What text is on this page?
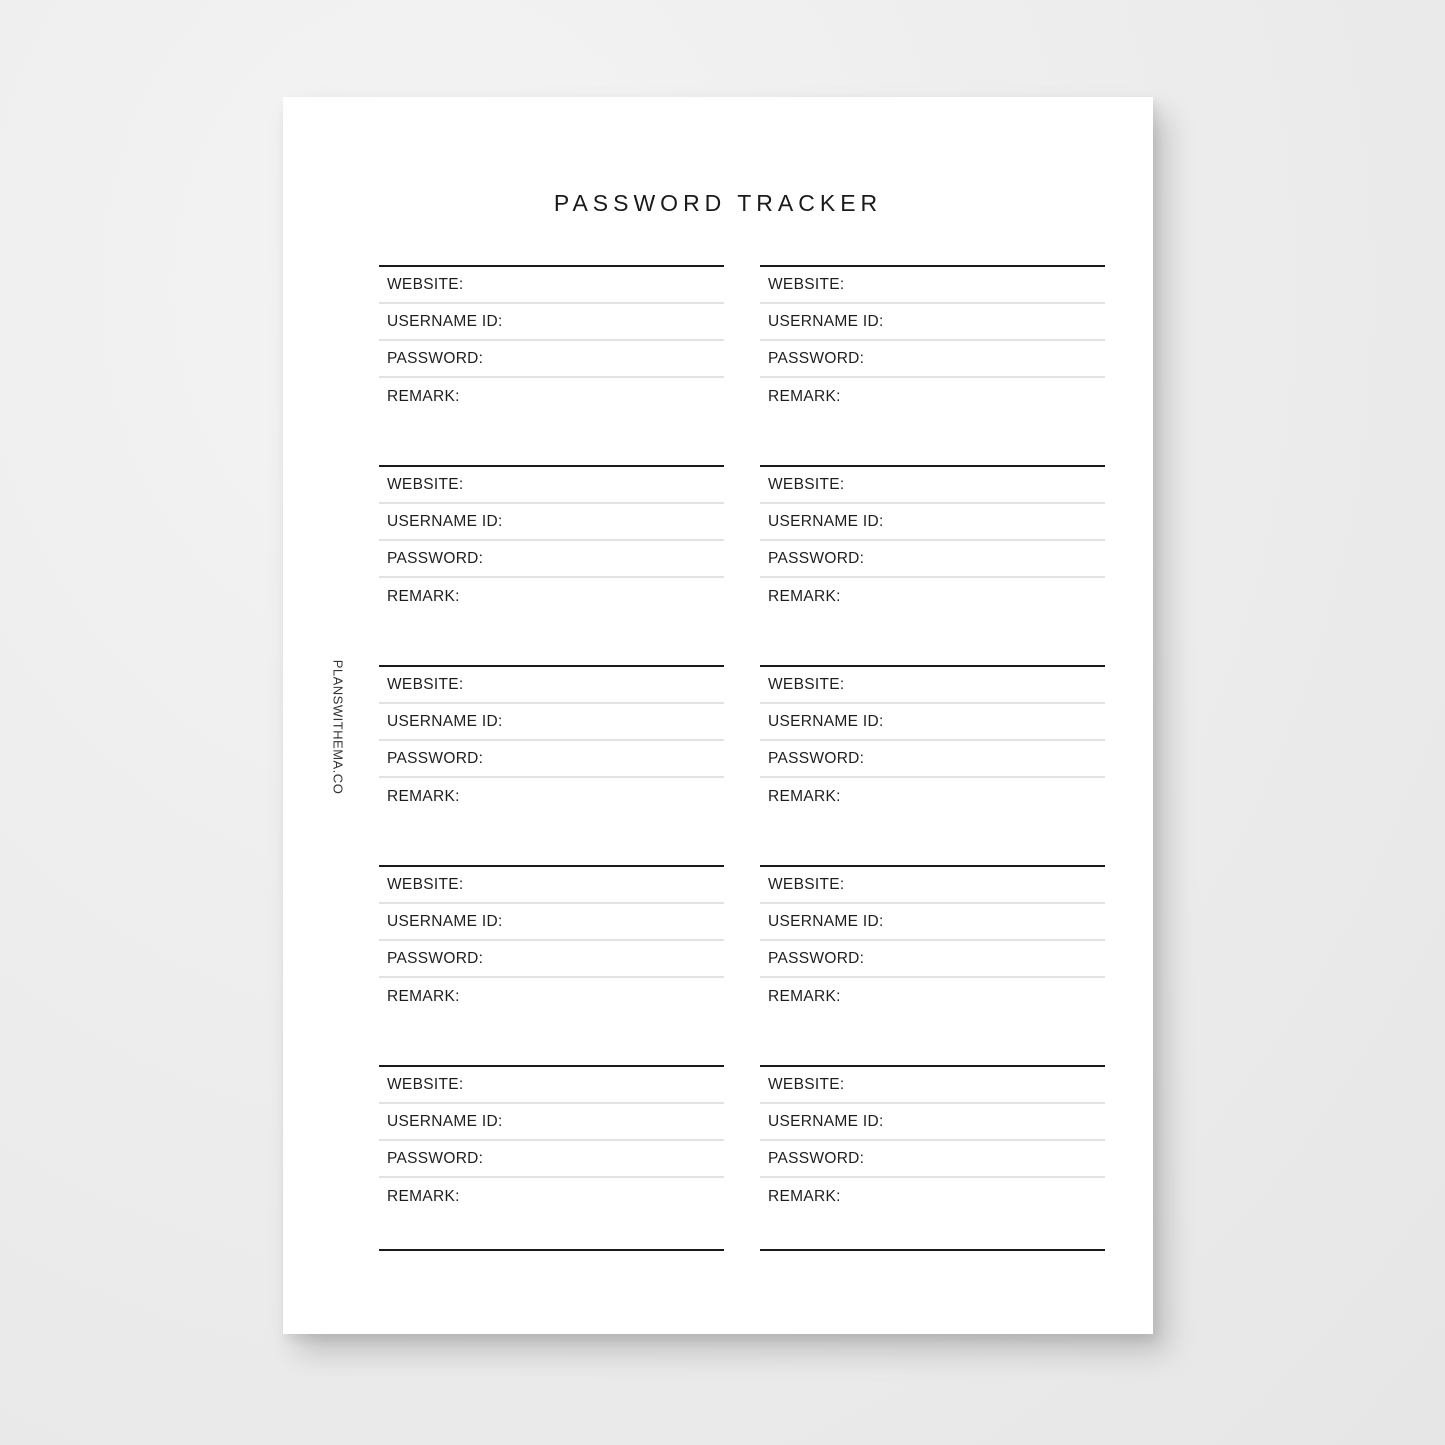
PASSWORD TRACKER
PLANSWITHEMA.CO
WEBSITE:
USERNAME ID:
PASSWORD:
REMARK:
WEBSITE:
USERNAME ID:
PASSWORD:
REMARK:
WEBSITE:
USERNAME ID:
PASSWORD:
REMARK:
WEBSITE:
USERNAME ID:
PASSWORD:
REMARK:
WEBSITE:
USERNAME ID:
PASSWORD:
REMARK:
WEBSITE:
USERNAME ID:
PASSWORD:
REMARK:
WEBSITE:
USERNAME ID:
PASSWORD:
REMARK:
WEBSITE:
USERNAME ID:
PASSWORD:
REMARK:
WEBSITE:
USERNAME ID:
PASSWORD:
REMARK:
WEBSITE:
USERNAME ID:
PASSWORD:
REMARK:
